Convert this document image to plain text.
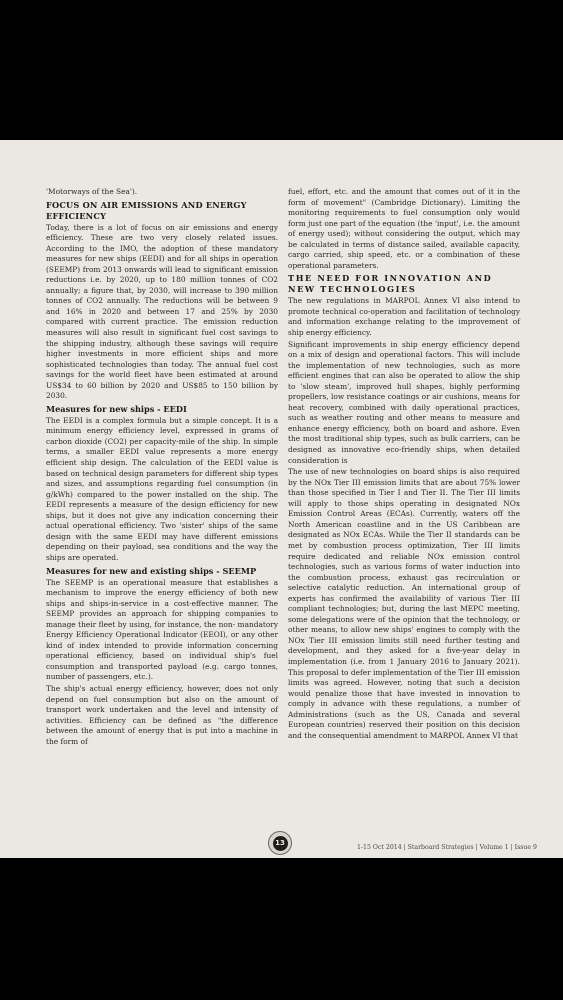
'Motorways of the Sea').

FOCUS ON AIR EMISSIONS AND ENERGY EFFICIENCY

Today, there is a lot of focus on air emissions and energy efficiency. These are two very closely related issues. According to the IMO, the adoption of these mandatory measures for new ships (EEDI) and for all ships in operation (SEEMP) from 2013 onwards will lead to significant emission reductions i.e. by 2020, up to 180 million tonnes of CO2 annually; a figure that, by 2030, will increase to 390 million tonnes of CO2 annually. The reductions will be between 9 and 16% in 2020 and between 17 and 25% by 2030 compared with current practice. The emission reduction measures will also result in significant fuel cost savings to the shipping industry, although these savings will require higher investments in more efficient ships and more sophisticated technologies than today. The annual fuel cost savings for the world fleet have been estimated at around US$34 to 60 billion by 2020 and US$85 to 150 billion by 2030.

Measures for new ships - EEDI

The EEDI is a complex formula but a simple concept. It is a minimum energy efficiency level, expressed in grams of carbon dioxide (CO2) per capacity-mile of the ship. In simple terms, a smaller EEDI value represents a more energy efficient ship design. The calculation of the EEDI value is based on technical design parameters for different ship types and sizes, and assumptions regarding fuel consumption (in g/kWh) compared to the power installed on the ship. The EEDI represents a measure of the design efficiency for new ships, but it does not give any indication concerning their actual operational efficiency. Two 'sister' ships of the same design with the same EEDI may have different emissions depending on their payload, sea conditions and the way the ships are operated.

Measures for new and existing ships - SEEMP

The SEEMP is an operational measure that establishes a mechanism to improve the energy efficiency of both new ships and ships-in-service in a cost-effective manner. The SEEMP provides an approach for shipping companies to manage their fleet by using, for instance, the non- mandatory Energy Efficiency Operational Indicator (EEOI), or any other kind of index intended to provide information concerning operational efficiency, based on individual ship's fuel consumption and transported payload (e.g. cargo tonnes, number of passengers, etc.).

The ship's actual energy efficiency, however, does not only depend on fuel consumption but also on the amount of transport work undertaken and the level and intensity of activities. Efficiency can be defined as "the difference between the amount of energy that is put into a machine in the form of

fuel, effort, etc. and the amount that comes out of it in the form of movement" (Cambridge Dictionary). Limiting the monitoring requirements to fuel consumption only would form just one part of the equation (the 'input', i.e. the amount of energy used); without considering the output, which may be calculated in terms of distance sailed, available capacity, cargo carried, ship speed, etc. or a combination of these operational parameters.

THE NEED FOR INNOVATION AND NEW TECHNOLOGIES

The new regulations in MARPOL Annex VI also intend to promote technical co-operation and facilitation of technology and information exchange relating to the improvement of ship energy efficiency.

Significant improvements in ship energy efficiency depend on a mix of design and operational factors. This will include the implementation of new technologies, such as more efficient engines that can also be operated to allow the ship to 'slow steam', improved hull shapes, highly performing propellers, low resistance coatings or air cushions, means for heat recovery, combined with daily operational practices, such as weather routing and other means to measure and enhance energy efficiency, both on board and ashore. Even the most traditional ship types, such as bulk carriers, can be designed as innovative eco-friendly ships, when detailed consideration is

The use of new technologies on board ships is also required by the NOx Tier III emission limits that are about 75% lower than those specified in Tier I and Tier II. The Tier III limits will apply to those ships operating in designated NOx Emission Control Areas (ECAs). Currently, waters off the North American coastline and in the US Caribbean are designated as NOx ECAs. While the Tier II standards can be met by combustion process optimization, Tier III limits require dedicated and reliable NOx emission control technologies, such as various forms of water induction into the combustion process, exhaust gas recirculation or selective catalytic reduction. An international group of experts has confirmed the availability of various Tier III compliant technologies; but, during the last MEPC meeting, some delegations were of the opinion that the technology, or other means, to allow new ships' engines to comply with the NOx Tier III emission limits still need further testing and development, and they asked for a five-year delay in implementation (i.e. from 1 January 2016 to January 2021). This proposal to defer implementation of the Tier III emission limits was agreed. However, noting that such a decision would penalize those that have invested in innovation to comply in advance with these regulations, a number of Administrations (such as the US, Canada and several European countries) reserved their position on this decision and the consequential amendment to MARPOL Annex VI that

13
1-15 Oct 2014 | Starboard Strategies | Volume 1 | Issue 9
